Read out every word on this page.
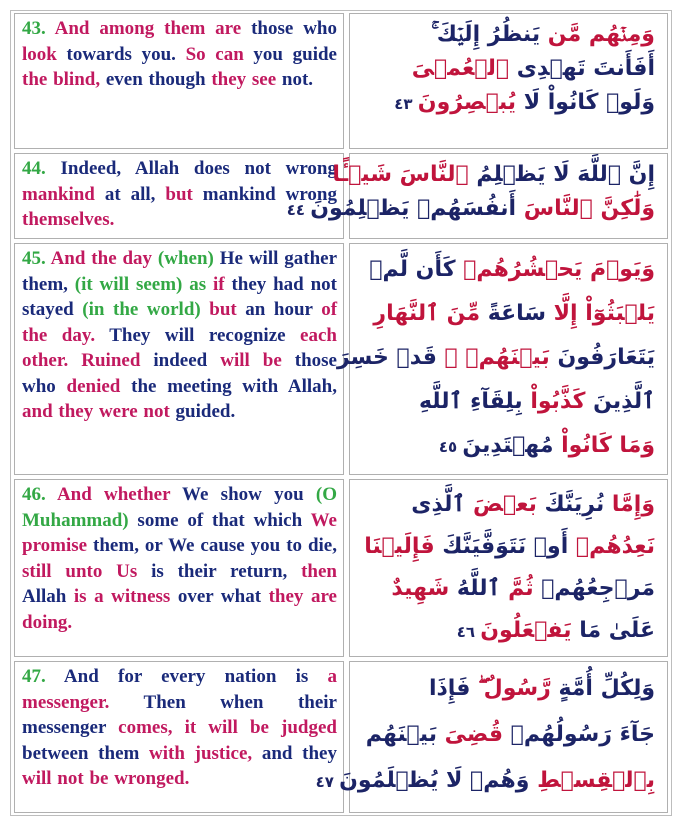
43. And among them are those who look towards you. So can you guide the blind, even though they see not.
وَمِنۡهُم مَّن يَنظُرُ إِلَيۡكَ ۚ
أَفَأَنتَ تَهۡدِى ٱلۡعُمۡىَ
وَلَوۡ كَانُواْ لَا يُبۡصِرُونَ ٤٣
44. Indeed, Allah does not wrong mankind at all, but mankind wrong themselves.
إِنَّ ٱللَّهَ لَا يَظۡلِمُ ٱلنَّاسَ شَيۡـًٔا
وَلَٰكِنَّ ٱلنَّاسَ أَنفُسَهُمۡ يَظۡلِمُونَ ٤٤
45. And the day (when) He will gather them, (it will seem) as if they had not stayed (in the world) but an hour of the day. They will recognize each other. Ruined indeed will be those who denied the meeting with Allah, and they were not guided.
وَيَوۡمَ يَحۡشُرُهُمۡ كَأَن لَّمۡ
يَلۡبَثُوٓاْ إِلَّا سَاعَةً مِّنَ ٱلنَّهَارِ
يَتَعَارَفُونَ بَيۡنَهُمۡ ۚ قَدۡ خَسِرَ
ٱلَّذِينَ كَذَّبُواْ بِلِقَآءِ ٱللَّهِ
وَمَا كَانُواْ مُهۡتَدِينَ ٤٥
46. And whether We show you (O Muhammad) some of that which We promise them, or We cause you to die, still unto Us is their return, then Allah is a witness over what they are doing.
وَإِمَّا نُرِيَنَّكَ بَعۡضَ ٱلَّذِى
نَعِدُهُمۡ أَوۡ نَتَوَفَّيَنَّكَ فَإِلَيۡنَا
مَرۡجِعُهُمۡ ثُمَّ ٱللَّهُ شَهِيدٌ
عَلَىٰ مَا يَفۡعَلُونَ ٤٦
47. And for every nation is a messenger. Then when their messenger comes, it will be judged between them with justice, and they will not be wronged.
وَلِكُلِّ أُمَّةٍ رَّسُولٌ ۖ فَإِذَا
جَآءَ رَسُولُهُمۡ قُضِىَ بَيۡنَهُم
بِٱلۡقِسۡطِ وَهُمۡ لَا يُظۡلَمُونَ ٤٧
